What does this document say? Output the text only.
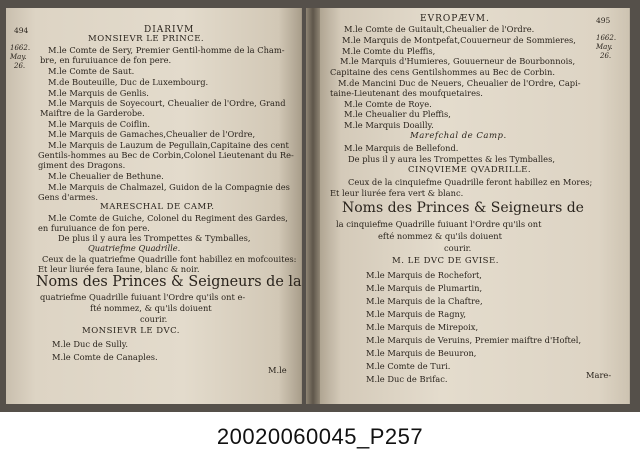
494	DIARIVM
1662.
May.
26.
MONSIEVR LE PRINCE.
M.le Comte de Sery, Premier Gentil-homme de la Cham-
bre, en furuiuance de fon pere.
M.le Comte de Saut.
M.de Bouteuille, Duc de Luxembourg.
M.le Marquis de Genlis.
M.le Marquis de Soyecourt, Cheualier de l'Ordre, Grand
Maiftre de la Garderobe.
M.le Marquis de Coiflin.
M.le Marquis de Gamaches,Cheualier de l'Ordre,
M.le Marquis de Lauzum de Pegullain,Capitaine des cent
Gentils-hommes au Bec de Corbin,Colonel Lieutenant du Re-
giment des Dragons.
M.le Cheualier de Bethune.
M.le Marquis de Chalmazel, Guidon de la Compagnie des
Gens d'armes.
MARESCHAL DE CAMP.
M.le Comte de Guiche, Colonel du Regiment des Gardes,
en furuiuance de fon pere.
De plus il y aura les Trompettes & Tymballes,
Quatriefme Quadrille.
Ceux de la quatriefme Quadrille font habillez en mofcouites:
Et leur liurée fera Iaune, blanc & noir.
Noms des Princes & Seigneurs de la
quatriefme Quadrille fuiuant l'Ordre qu'ils ont e-
fté nommez, & qu'ils doiuent
courir.
MONSIEVR LE DVC.
M.le Duc de Sully.
M.le Comte de Canaples.
M.le
EVROPÆVM.	495
1662.
May.
26.
M.le Comte de Guitault,Cheualier de l'Ordre.
M.le Marquis de Montpefat,Couuerneur de Sommieres,
M.le Comte du Pleffis,
M.le Marquis d'Humieres, Gouuerneur de Bourbonnois,
Capitaine des cens Gentilshommes au Bec de Corbin.
M.de Mancini Duc de Neuers, Cheualier de l'Ordre, Capi-
taine-Lieutenant des moufquetaires.
M.le Comte de Roye.
M.le Cheualier du Pleffis,
M.le Marquis Doailly.
Marefchal de Camp.
M.le Marquis de Bellefond.
De plus il y aura les Trompettes & les Tymballes,
CINQVIEME QVADRILLE.
Ceux de la cinquiefme Quadrille feront habillez en Mores;
Et leur liurée fera vert & blanc.
Noms des Princes & Seigneurs de
la cinquiefme Quadrille fuiuant l'Ordre qu'ils ont
efté nommez & qu'ils doiuent
courir.
M. LE DVC DE GVISE.
M.le Marquis de Rochefort,
M.le Marquis de Plumartin,
M.le Marquis de la Chaftre,
M.le Marquis de Ragny,
M.le Marquis de Mirepoix,
M.le Marquis de Veruins, Premier maiftre d'Hoftel,
M.le Marquis de Beuuron,
M.le Comte de Turi.
M.le Duc de Brifac.	Mare-
20020060045_P257
